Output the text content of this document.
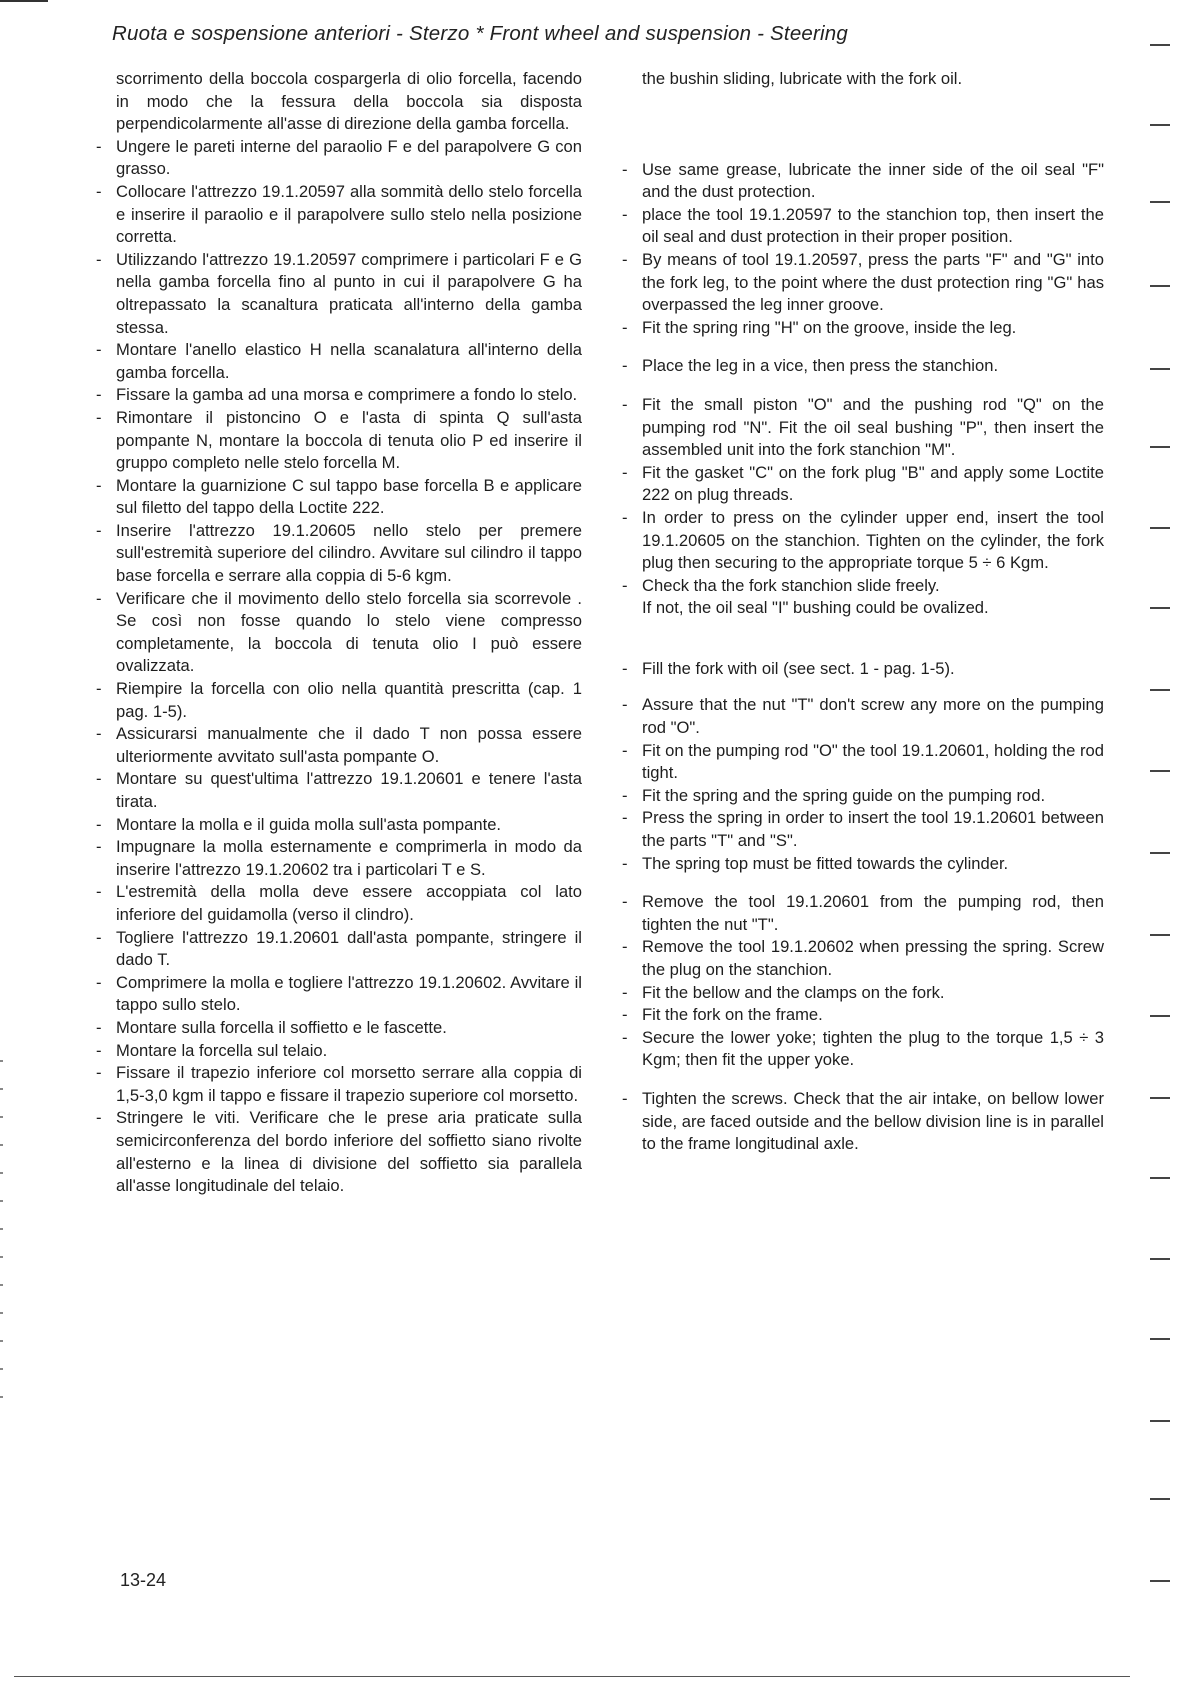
Ruota e sospensione anteriori - Sterzo * Front wheel and suspension - Steering
scorrimento della boccola cospargerla di olio forcella, facendo in modo che la fessura della boccola sia disposta perpendicolarmente all'asse di direzione della gamba forcella.
- Ungere le pareti interne del paraolio F e del parapolvere G con grasso.
- Collocare l'attrezzo 19.1.20597 alla sommità dello stelo forcella e inserire il paraolio e il parapolvere sullo stelo nella posizione corretta.
- Utilizzando l'attrezzo 19.1.20597 comprimere i particolari F e G nella gamba forcella fino al punto in cui il parapolvere G ha oltrepassato la scanaltura praticata all'interno della gamba stessa.
- Montare l'anello elastico H nella scanalatura all'interno della gamba forcella.
- Fissare la gamba ad una morsa e comprimere a fondo lo stelo.
- Rimontare il pistoncino O e l'asta di spinta Q sull'asta pompante N, montare la boccola di tenuta olio P ed inserire il gruppo completo nelle stelo forcella M.
- Montare la guarnizione C sul tappo base forcella B e applicare sul filetto del tappo della Loctite 222.
- Inserire l'attrezzo 19.1.20605 nello stelo per premere sull'estremità superiore del cilindro. Avvitare sul cilindro il tappo base forcella e serrare alla coppia di 5-6 kgm.
- Verificare che il movimento dello stelo forcella sia scorrevole . Se così non fosse quando lo stelo viene compresso completamente, la boccola di tenuta olio I può essere ovalizzata.
- Riempire la forcella con olio nella quantità prescritta (cap. 1 pag. 1-5).
- Assicurarsi manualmente che il dado T non possa essere ulteriormente avvitato sull'asta pompante O.
- Montare su quest'ultima l'attrezzo 19.1.20601 e tenere l'asta tirata.
- Montare la molla e il guida molla sull'asta pompante.
- Impugnare la molla esternamente e comprimerla in modo da inserire l'attrezzo 19.1.20602 tra i particolari T e S.
- L'estremità della molla deve essere accoppiata col lato inferiore del guidamolla (verso il clindro).
- Togliere l'attrezzo 19.1.20601 dall'asta pompante, stringere il dado T.
- Comprimere la molla e togliere l'attrezzo 19.1.20602. Avvitare il tappo sullo stelo.
- Montare sulla forcella il soffietto e le fascette.
- Montare la forcella sul telaio.
- Fissare il trapezio inferiore col morsetto serrare alla coppia di 1,5-3,0 kgm il tappo e fissare il trapezio superiore col morsetto.
- Stringere le viti. Verificare che le prese aria praticate sulla semicirconferenza del bordo inferiore del soffietto siano rivolte all'esterno e la linea di divisione del soffietto sia parallela all'asse longitudinale del telaio.
the bushin sliding, lubricate with the fork oil.
- Use same grease, lubricate the inner side of the oil seal "F" and the dust protection.
- place the tool 19.1.20597 to the stanchion top, then insert the oil seal and dust protection in their proper position.
- By means of tool 19.1.20597, press the parts "F" and "G" into the fork leg, to the point where the dust protection ring "G" has overpassed the leg inner groove.
- Fit the spring ring "H" on the groove, inside the leg.
- Place the leg in a vice, then press the stanchion.
- Fit the small piston "O" and the pushing rod "Q" on the pumping rod "N". Fit the oil seal bushing "P", then insert the assembled unit into the fork stanchion "M".
- Fit the gasket "C" on the fork plug "B" and apply some Loctite 222 on plug threads.
- In order to press on the cylinder upper end, insert the tool 19.1.20605 on the stanchion. Tighten on the cylinder, the fork plug then securing to the appropriate torque 5 ÷ 6 Kgm.
- Check tha the fork stanchion slide freely.
If not, the oil seal "I" bushing could be ovalized.
- Fill the fork with oil (see sect. 1 - pag. 1-5).
- Assure that the nut "T" don't screw any more on the pumping rod "O".
- Fit on the pumping rod "O" the tool 19.1.20601, holding the rod tight.
- Fit the spring and the spring guide on the pumping rod.
- Press the spring in order to insert the tool 19.1.20601 between the parts "T" and "S".
- The spring top must be fitted towards the cylinder.
- Remove the tool 19.1.20601 from the pumping rod, then tighten the nut "T".
- Remove the tool 19.1.20602 when pressing the spring. Screw the plug on the stanchion.
- Fit the bellow and the clamps on the fork.
- Fit the fork on the frame.
- Secure the lower yoke; tighten the plug to the torque 1,5 ÷ 3 Kgm; then fit the upper yoke.
- Tighten the screws. Check that the air intake, on bellow lower side, are faced outside and the bellow division line is in parallel to the frame longitudinal axle.
13-24
